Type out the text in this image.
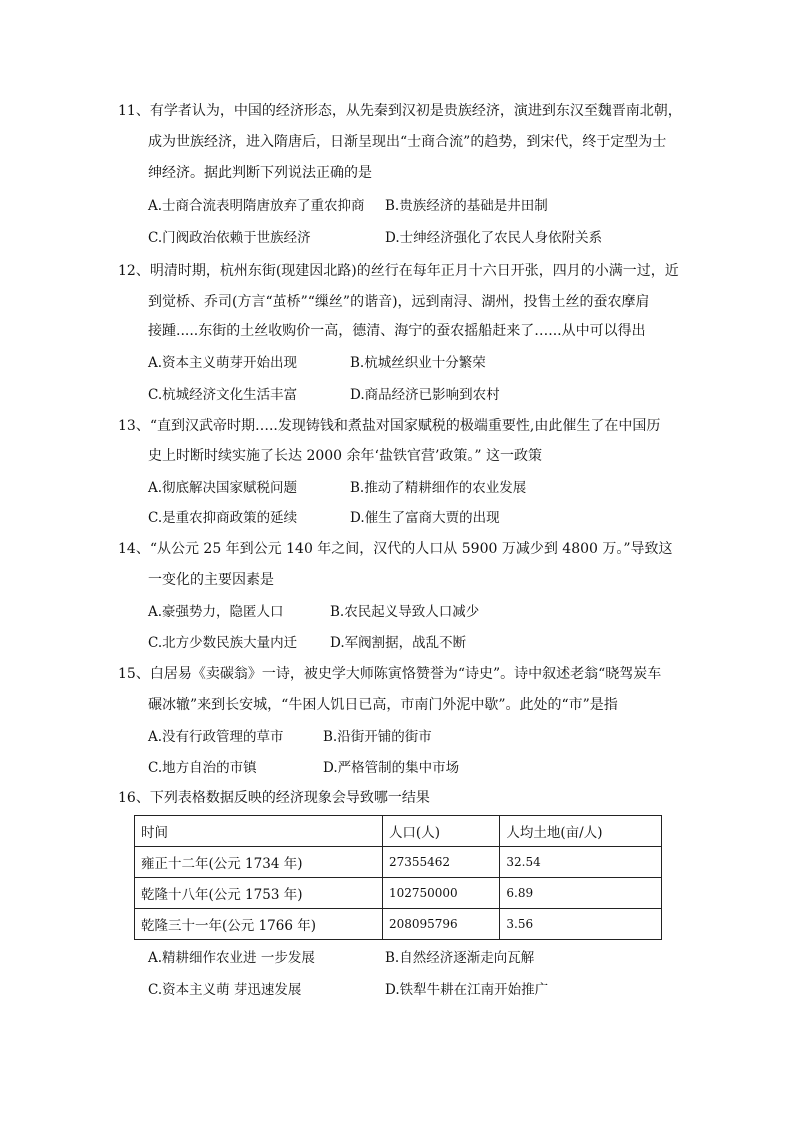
11、有学者认为，中国的经济形态，从先秦到汉初是贵族经济，演进到东汉至魏晋南北朝，
成为世族经济，进入隋唐后，日渐呈现出“士商合流”的趋势，到宋代，终于定型为士
绅经济。据此判断下列说法正确的是
A.士商合流表明隋唐放弃了重农抑商 B.贵族经济的基础是井田制
C.门阀政治依赖于世族经济	D.士绅经济强化了农民人身依附关系
12、明清时期，杭州东街(现建因北路)的丝行在每年正月十六日开张，四月的小满一过，近
到觉桥、乔司(方言“茧桥”“缫丝”的谐音)，远到南浔、湖州，投售土丝的蚕农摩肩
接踵.....东街的土丝收购价一高，德清、海宁的蚕农摇船赶来了…...从中可以得出
A.资本主义萌芽开始出现	B.杭城丝织业十分繁荣
C.杭城经济文化生活丰富	D.商品经济已影响到农村
13、“直到汉武帝时期…..发现铸钱和煮盐对国家赋税的极端重要性,由此催生了在中国历
史上时断时续实施了长达 2000 余年‘盐铁官营’政策。” 这一政策
A.彻底解决国家赋税问题	B.推动了精耕细作的农业发展
C.是重农抑商政策的延续	D.催生了富商大贾的出现
14、“从公元 25 年到公元 140 年之间，汉代的人口从 5900 万减少到 4800 万。”导致这
一变化的主要因素是
A.豪强势力，隐匿人口	B.农民起义导致人口减少
C.北方少数民族大量内迁 D.军阀割据，战乱不断
15、白居易《卖碳翁》一诗，被史学大师陈寅恪赞誉为“诗史”。诗中叙述老翁“晓驾炭车
碾冰辙”来到长安城，“牛困人饥日已高，市南门外泥中歇”。此处的“市”是指
A.没有行政管理的草市	B.沿街开铺的街市
C.地方自治的市镇	D.严格管制的集中市场
16、下列表格数据反映的经济现象会导致哪一结果
时间	人口(人)	人均土地(亩/人)
雍正十二年(公元 1734 年)	27355462	32.54
乾隆十八年(公元 1753 年)	102750000	6.89
乾隆三十一年(公元 1766 年)	208095796	3.56
A.精耕细作农业进 一步发展	B.自然经济逐渐走向瓦解
C.资本主义萌 芽迅速发展	D.铁犁牛耕在江南开始推广
